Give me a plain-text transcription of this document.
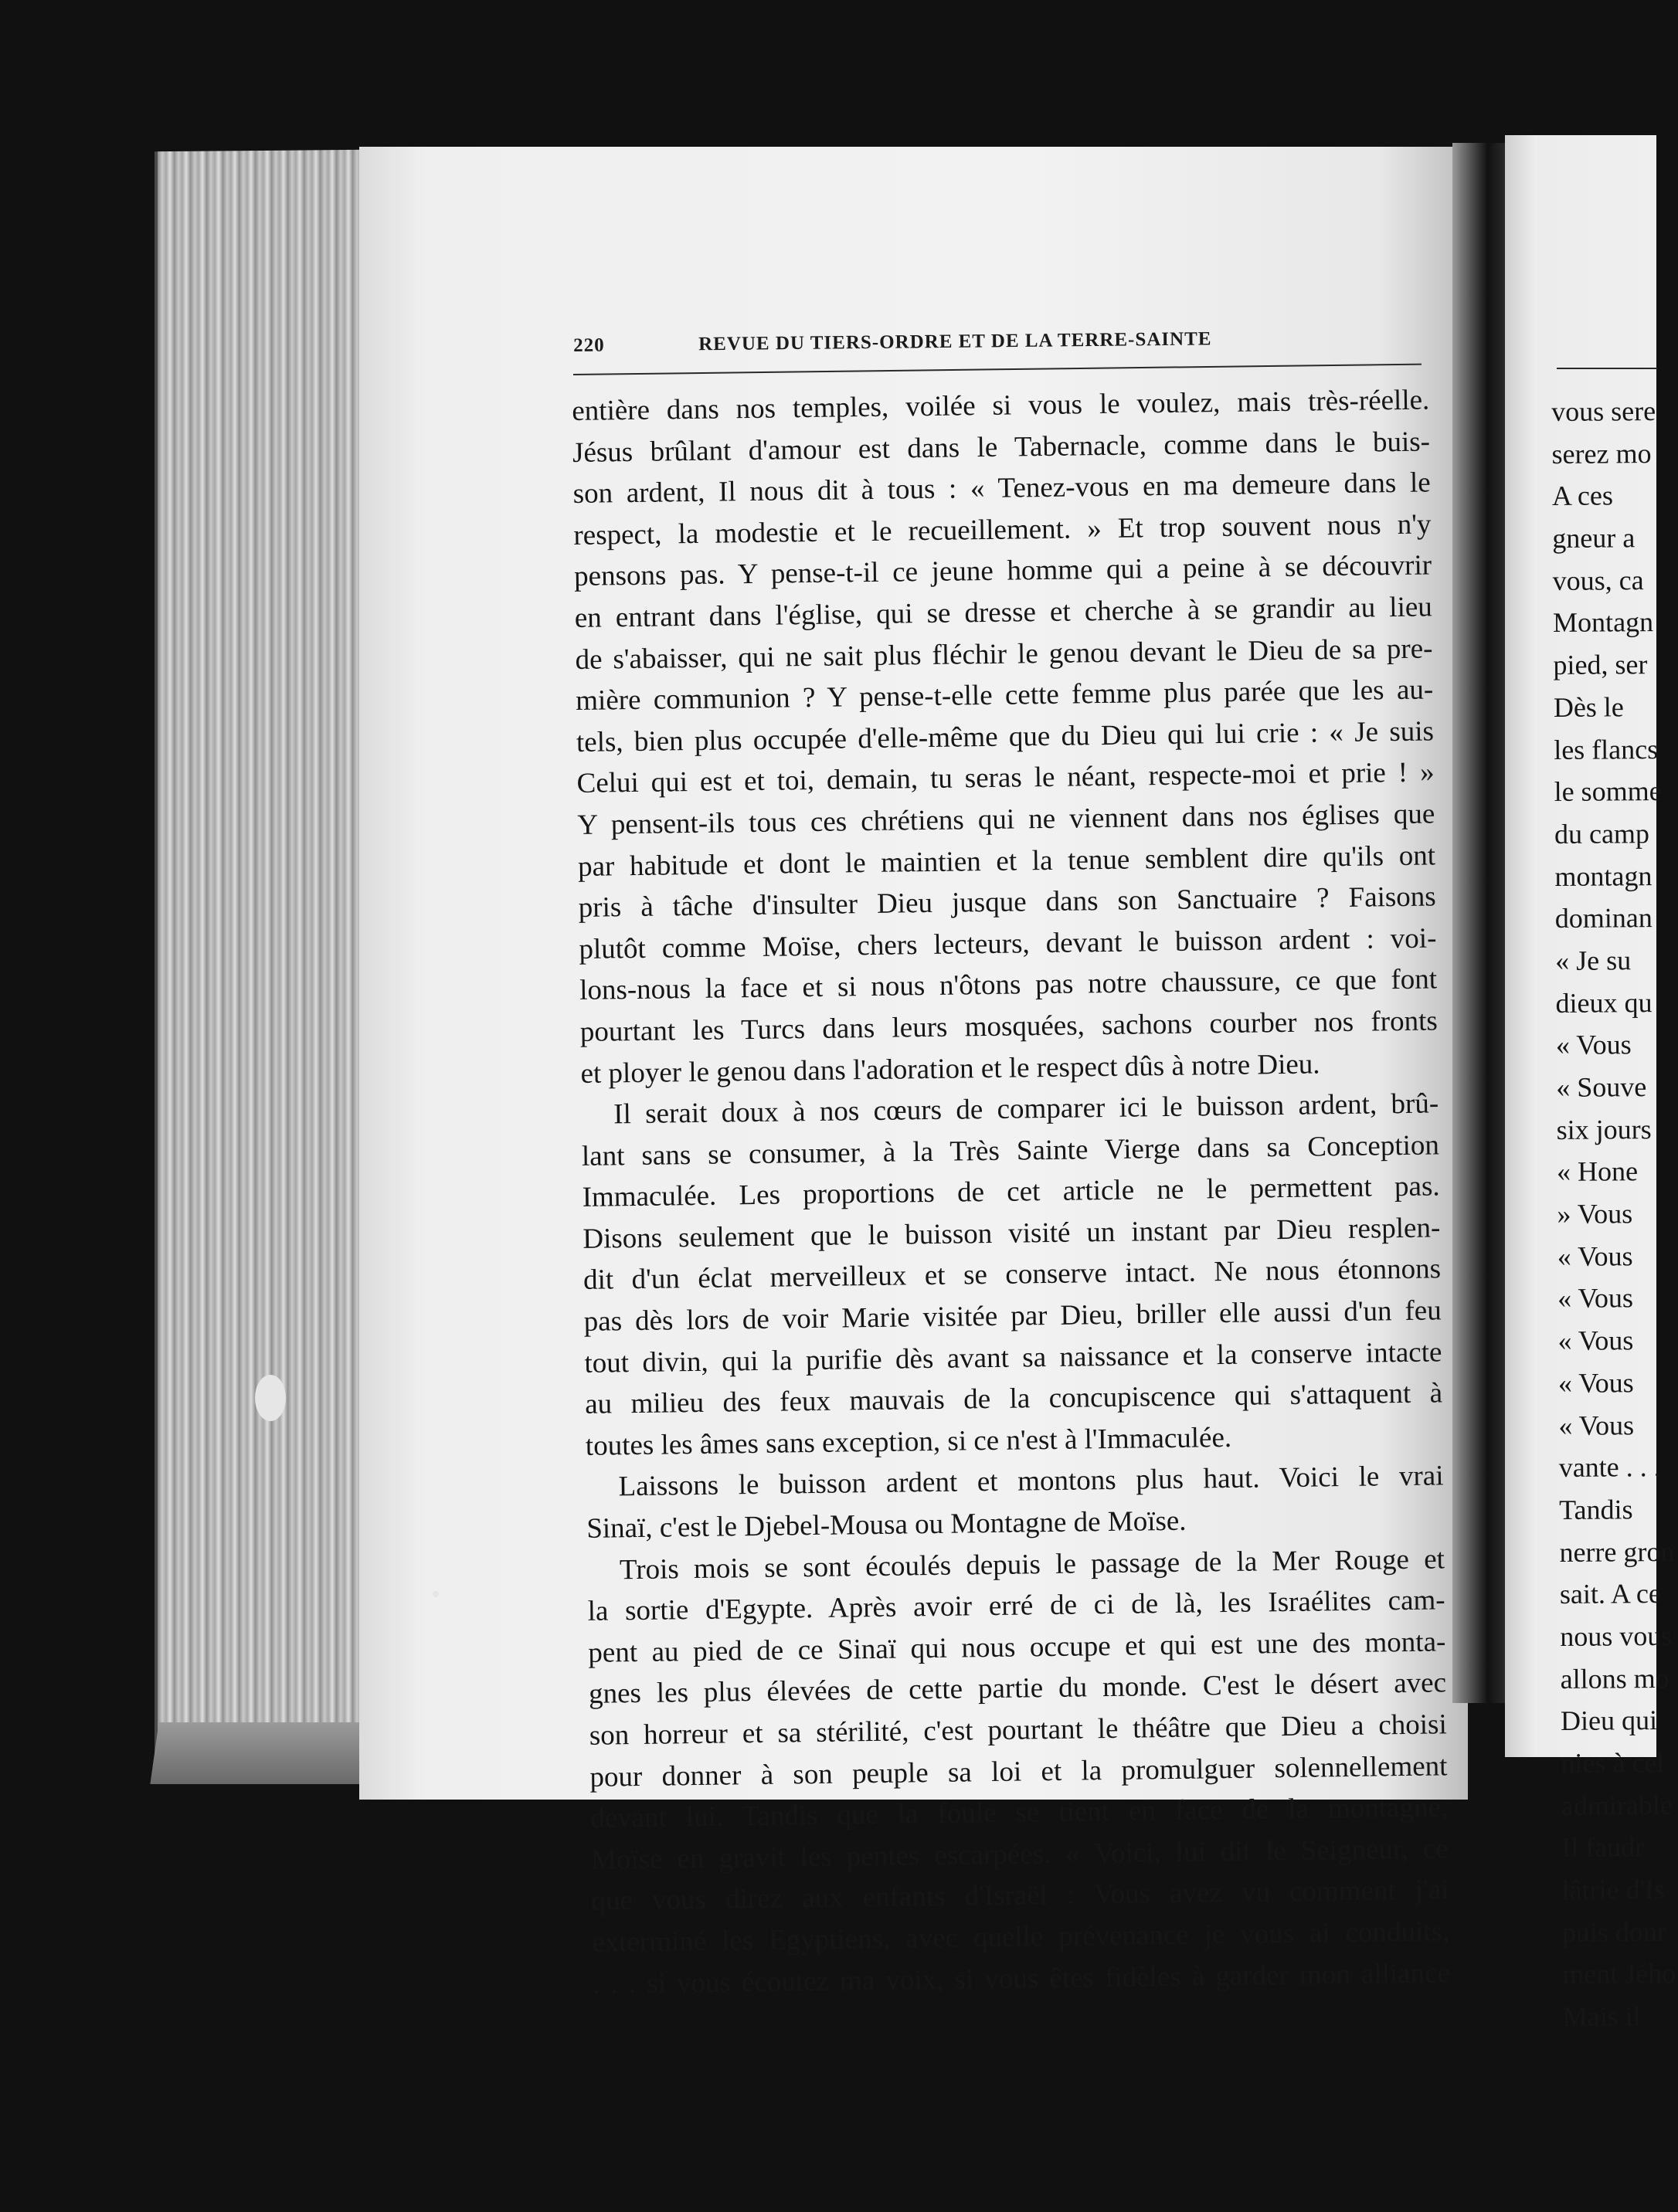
220	REVUE DU TIERS-ORDRE ET DE LA TERRE-SAINTE
entière dans nos temples, voilée si vous le voulez, mais très-réelle.
Jésus brûlant d'amour est dans le Tabernacle, comme dans le buis-
son ardent, Il nous dit à tous : « Tenez-vous en ma demeure dans le
respect, la modestie et le recueillement. » Et trop souvent nous n'y
pensons pas. Y pense-t-il ce jeune homme qui a peine à se découvrir
en entrant dans l'église, qui se dresse et cherche à se grandir au lieu
de s'abaisser, qui ne sait plus fléchir le genou devant le Dieu de sa pre-
mière communion ? Y pense-t-elle cette femme plus parée que les au-
tels, bien plus occupée d'elle-même que du Dieu qui lui crie : « Je suis
Celui qui est et toi, demain, tu seras le néant, respecte-moi et prie ! »
Y pensent-ils tous ces chrétiens qui ne viennent dans nos églises que
par habitude et dont le maintien et la tenue semblent dire qu'ils ont
pris à tâche d'insulter Dieu jusque dans son Sanctuaire ? Faisons
plutôt comme Moïse, chers lecteurs, devant le buisson ardent : voi-
lons-nous la face et si nous n'ôtons pas notre chaussure, ce que font
pourtant les Turcs dans leurs mosquées, sachons courber nos fronts
et ployer le genou dans l'adoration et le respect dûs à notre Dieu.
Il serait doux à nos cœurs de comparer ici le buisson ardent, brû-
lant sans se consumer, à la Très Sainte Vierge dans sa Conception
Immaculée. Les proportions de cet article ne le permettent pas.
Disons seulement que le buisson visité un instant par Dieu resplen-
dit d'un éclat merveilleux et se conserve intact. Ne nous étonnons
pas dès lors de voir Marie visitée par Dieu, briller elle aussi d'un feu
tout divin, qui la purifie dès avant sa naissance et la conserve intacte
au milieu des feux mauvais de la concupiscence qui s'attaquent à
toutes les âmes sans exception, si ce n'est à l'Immaculée.
Laissons le buisson ardent et montons plus haut. Voici le vrai
Sinaï, c'est le Djebel-Mousa ou Montagne de Moïse.
Trois mois se sont écoulés depuis le passage de la Mer Rouge et
la sortie d'Egypte. Après avoir erré de ci de là, les Israélites cam-
pent au pied de ce Sinaï qui nous occupe et qui est une des monta-
gnes les plus élevées de cette partie du monde. C'est le désert avec
son horreur et sa stérilité, c'est pourtant le théâtre que Dieu a choisi
pour donner à son peuple sa loi et la promulguer solennellement
devant lui. Tandis que la foule se tient en face de la montagne,
Moïse en gravit les pentes escarpées. « Voici, lui dit le Seigneur, ce
que vous direz aux enfants d'Israël : Vous avez vu comment j'ai
exterminé les Egyptiens, avec quelle prévenance je vous ai conduits,
. . . si vous écoutez ma voix, si vous êtes fidèles à garder mon alliance
vous sere
serez mo
A ces
gneur a
vous, ca
Montagn
pied, ser
Dès le
les flancs
le somme
du camp
montagn
dominan
« Je su
dieux qu
« Vous
« Souve
six jours
« Hone
» Vous
« Vous
« Vous
« Vous
« Vous
« Vous
vante . . .
Tandis
nerre gron
sait. A ce
nous vous
allons mo
Dieu qui
nies à cel
admirable
Il faudr
lâtrie d'Is
puis donr
ment Jého
Mais il
